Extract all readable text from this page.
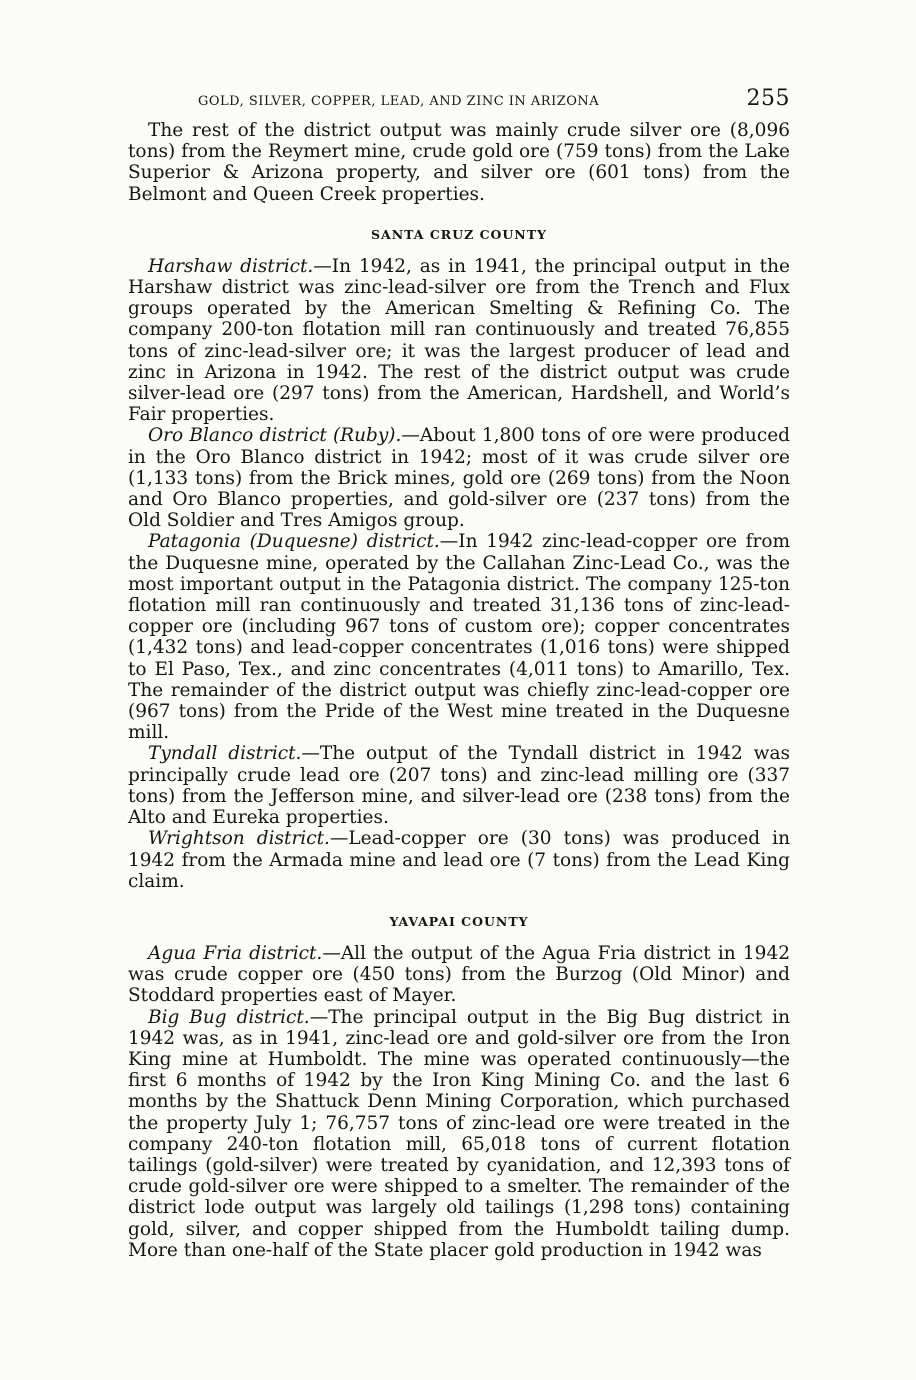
GOLD, SILVER, COPPER, LEAD, AND ZINC IN ARIZONA	255

The rest of the district output was mainly crude silver ore (8,096 tons) from the Reymert mine, crude gold ore (759 tons) from the Lake Superior & Arizona property, and silver ore (601 tons) from the Belmont and Queen Creek properties.

SANTA CRUZ COUNTY

Harshaw district.—In 1942, as in 1941, the principal output in the Harshaw district was zinc-lead-silver ore from the Trench and Flux groups operated by the American Smelting & Refining Co. The company 200-ton flotation mill ran continuously and treated 76,855 tons of zinc-lead-silver ore; it was the largest producer of lead and zinc in Arizona in 1942. The rest of the district output was crude silver-lead ore (297 tons) from the American, Hardshell, and World’s Fair properties.

Oro Blanco district (Ruby).—About 1,800 tons of ore were produced in the Oro Blanco district in 1942; most of it was crude silver ore (1,133 tons) from the Brick mines, gold ore (269 tons) from the Noon and Oro Blanco properties, and gold-silver ore (237 tons) from the Old Soldier and Tres Amigos group.

Patagonia (Duquesne) district.—In 1942 zinc-lead-copper ore from the Duquesne mine, operated by the Callahan Zinc-Lead Co., was the most important output in the Patagonia district. The company 125-ton flotation mill ran continuously and treated 31,136 tons of zinc-lead-copper ore (including 967 tons of custom ore); copper concentrates (1,432 tons) and lead-copper concentrates (1,016 tons) were shipped to El Paso, Tex., and zinc concentrates (4,011 tons) to Amarillo, Tex. The remainder of the district output was chiefly zinc-lead-copper ore (967 tons) from the Pride of the West mine treated in the Duquesne mill.

Tyndall district.—The output of the Tyndall district in 1942 was principally crude lead ore (207 tons) and zinc-lead milling ore (337 tons) from the Jefferson mine, and silver-lead ore (238 tons) from the Alto and Eureka properties.

Wrightson district.—Lead-copper ore (30 tons) was produced in 1942 from the Armada mine and lead ore (7 tons) from the Lead King claim.

YAVAPAI COUNTY

Agua Fria district.—All the output of the Agua Fria district in 1942 was crude copper ore (450 tons) from the Burzog (Old Minor) and Stoddard properties east of Mayer.

Big Bug district.—The principal output in the Big Bug district in 1942 was, as in 1941, zinc-lead ore and gold-silver ore from the Iron King mine at Humboldt. The mine was operated continuously—the first 6 months of 1942 by the Iron King Mining Co. and the last 6 months by the Shattuck Denn Mining Corporation, which purchased the property July 1; 76,757 tons of zinc-lead ore were treated in the company 240-ton flotation mill, 65,018 tons of current flotation tailings (gold-silver) were treated by cyanidation, and 12,393 tons of crude gold-silver ore were shipped to a smelter. The remainder of the district lode output was largely old tailings (1,298 tons) containing gold, silver, and copper shipped from the Humboldt tailing dump. More than one-half of the State placer gold production in 1942 was
